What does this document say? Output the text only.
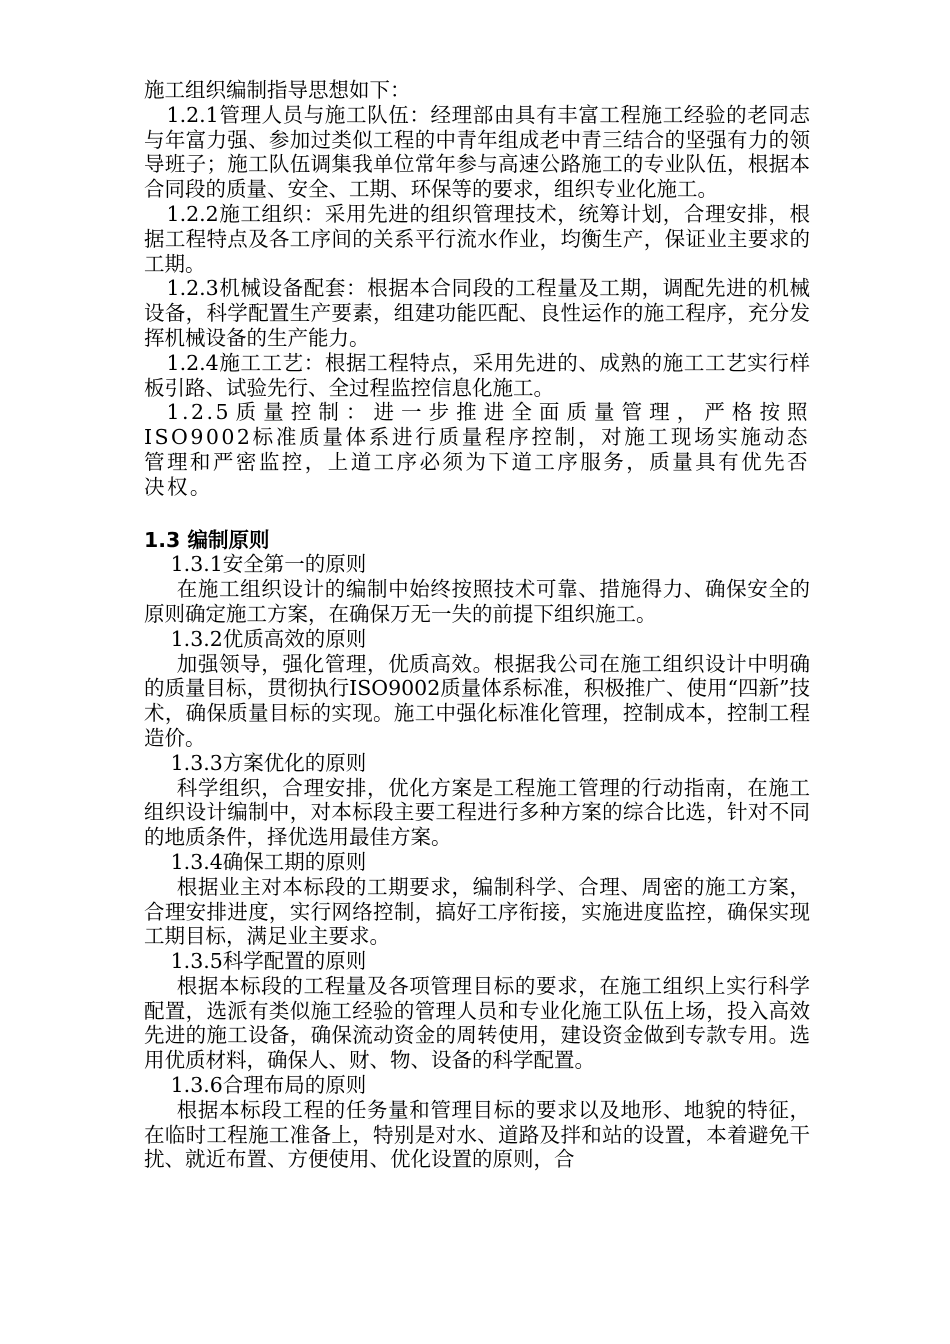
施工组织编制指导思想如下：

1.2.1管理人员与施工队伍：经理部由具有丰富工程施工经验的老同志与年富力强、参加过类似工程的中青年组成老中青三结合的坚强有力的领导班子；施工队伍调集我单位常年参与高速公路施工的专业队伍，根据本合同段的质量、安全、工期、环保等的要求，组织专业化施工。

1.2.2施工组织：采用先进的组织管理技术，统筹计划，合理安排，根据工程特点及各工序间的关系平行流水作业，均衡生产，保证业主要求的工期。

1.2.3机械设备配套：根据本合同段的工程量及工期，调配先进的机械设备，科学配置生产要素，组建功能匹配、良性运作的施工程序，充分发挥机械设备的生产能力。

1.2.4施工工艺：根据工程特点，采用先进的、成熟的施工工艺实行样板引路、试验先行、全过程监控信息化施工。

1.2.5质量控制：进一步推进全面质量管理，严格按照ISO9002标准质量体系进行质量程序控制，对施工现场实施动态管理和严密监控，上道工序必须为下道工序服务，质量具有优先否决权。

1.3 编制原则

1.3.1安全第一的原则

在施工组织设计的编制中始终按照技术可靠、措施得力、确保安全的原则确定施工方案，在确保万无一失的前提下组织施工。

1.3.2优质高效的原则

加强领导，强化管理，优质高效。根据我公司在施工组织设计中明确的质量目标，贯彻执行ISO9002质量体系标准，积极推广、使用“四新”技术，确保质量目标的实现。施工中强化标准化管理，控制成本，控制工程造价。

1.3.3方案优化的原则

科学组织，合理安排，优化方案是工程施工管理的行动指南，在施工组织设计编制中，对本标段主要工程进行多种方案的综合比选，针对不同的地质条件，择优选用最佳方案。

1.3.4确保工期的原则

根据业主对本标段的工期要求，编制科学、合理、周密的施工方案，合理安排进度，实行网络控制，搞好工序衔接，实施进度监控，确保实现工期目标，满足业主要求。

1.3.5科学配置的原则

根据本标段的工程量及各项管理目标的要求，在施工组织上实行科学配置，选派有类似施工经验的管理人员和专业化施工队伍上场，投入高效先进的施工设备，确保流动资金的周转使用，建设资金做到专款专用。选用优质材料，确保人、财、物、设备的科学配置。

1.3.6合理布局的原则

根据本标段工程的任务量和管理目标的要求以及地形、地貌的特征，在临时工程施工准备上，特别是对水、道路及拌和站的设置，本着避免干扰、就近布置、方便使用、优化设置的原则，合
